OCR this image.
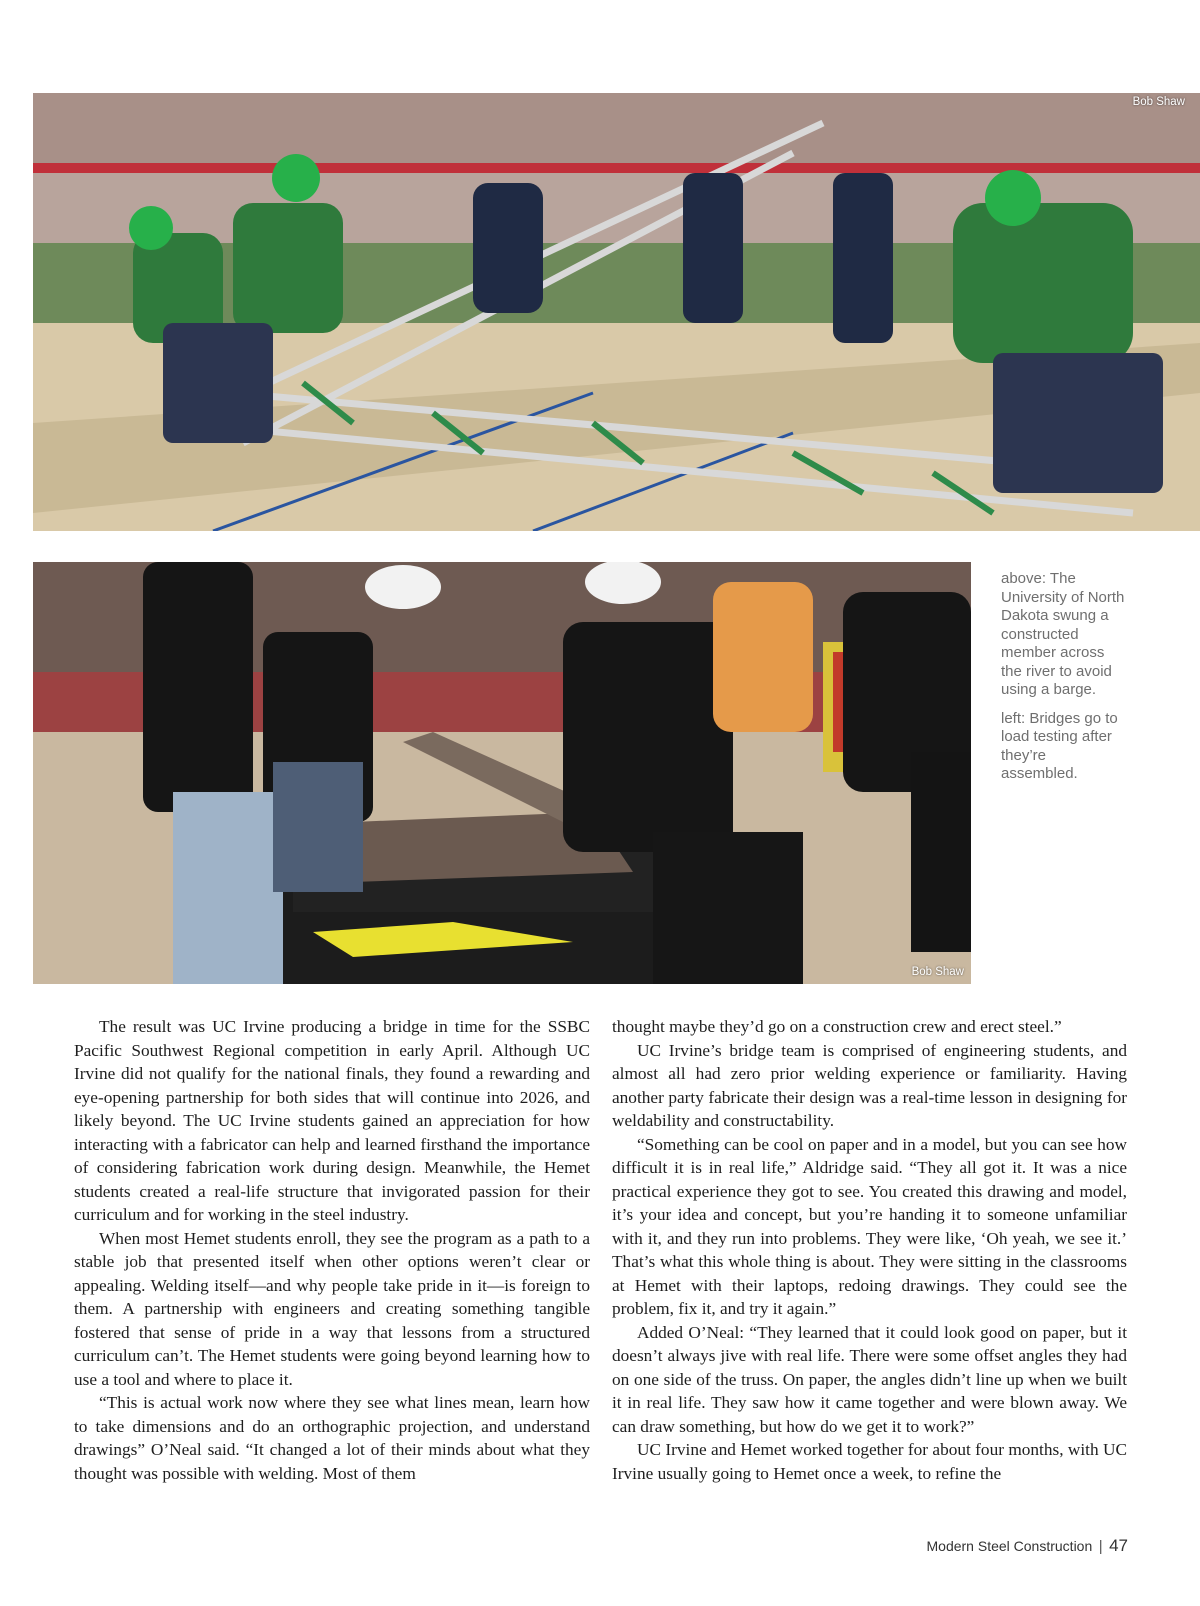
Bob Shaw
Bob Shaw

above: The University of North Dakota swung a constructed member across the river to avoid using a barge.

left: Bridges go to load testing after they’re assembled.

The result was UC Irvine producing a bridge in time for the SSBC Pacific Southwest Regional competition in early April. Although UC Irvine did not qualify for the national finals, they found a rewarding and eye-opening partnership for both sides that will continue into 2026, and likely beyond. The UC Irvine students gained an appreciation for how interacting with a fabricator can help and learned firsthand the importance of considering fabrication work during design. Meanwhile, the Hemet students created a real-life structure that invigorated passion for their curriculum and for working in the steel industry.

When most Hemet students enroll, they see the program as a path to a stable job that presented itself when other options weren’t clear or appealing. Welding itself—and why people take pride in it—is foreign to them. A partnership with engineers and creating something tangible fostered that sense of pride in a way that lessons from a structured curriculum can’t. The Hemet students were going beyond learning how to use a tool and where to place it.

“This is actual work now where they see what lines mean, learn how to take dimensions and do an orthographic projection, and understand drawings” O’Neal said. “It changed a lot of their minds about what they thought was possible with welding. Most of them

thought maybe they’d go on a construction crew and erect steel.”

UC Irvine’s bridge team is comprised of engineering students, and almost all had zero prior welding experience or familiarity. Having another party fabricate their design was a real-time lesson in designing for weldability and constructability.

“Something can be cool on paper and in a model, but you can see how difficult it is in real life,” Aldridge said. “They all got it. It was a nice practical experience they got to see. You created this drawing and model, it’s your idea and concept, but you’re handing it to someone unfamiliar with it, and they run into problems. They were like, ‘Oh yeah, we see it.’ That’s what this whole thing is about. They were sitting in the classrooms at Hemet with their laptops, redoing drawings. They could see the problem, fix it, and try it again.”

Added O’Neal: “They learned that it could look good on paper, but it doesn’t always jive with real life. There were some offset angles they had on one side of the truss. On paper, the angles didn’t line up when we built it in real life. They saw how it came together and were blown away. We can draw something, but how do we get it to work?”

UC Irvine and Hemet worked together for about four months, with UC Irvine usually going to Hemet once a week, to refine the

Modern Steel Construction | 47
